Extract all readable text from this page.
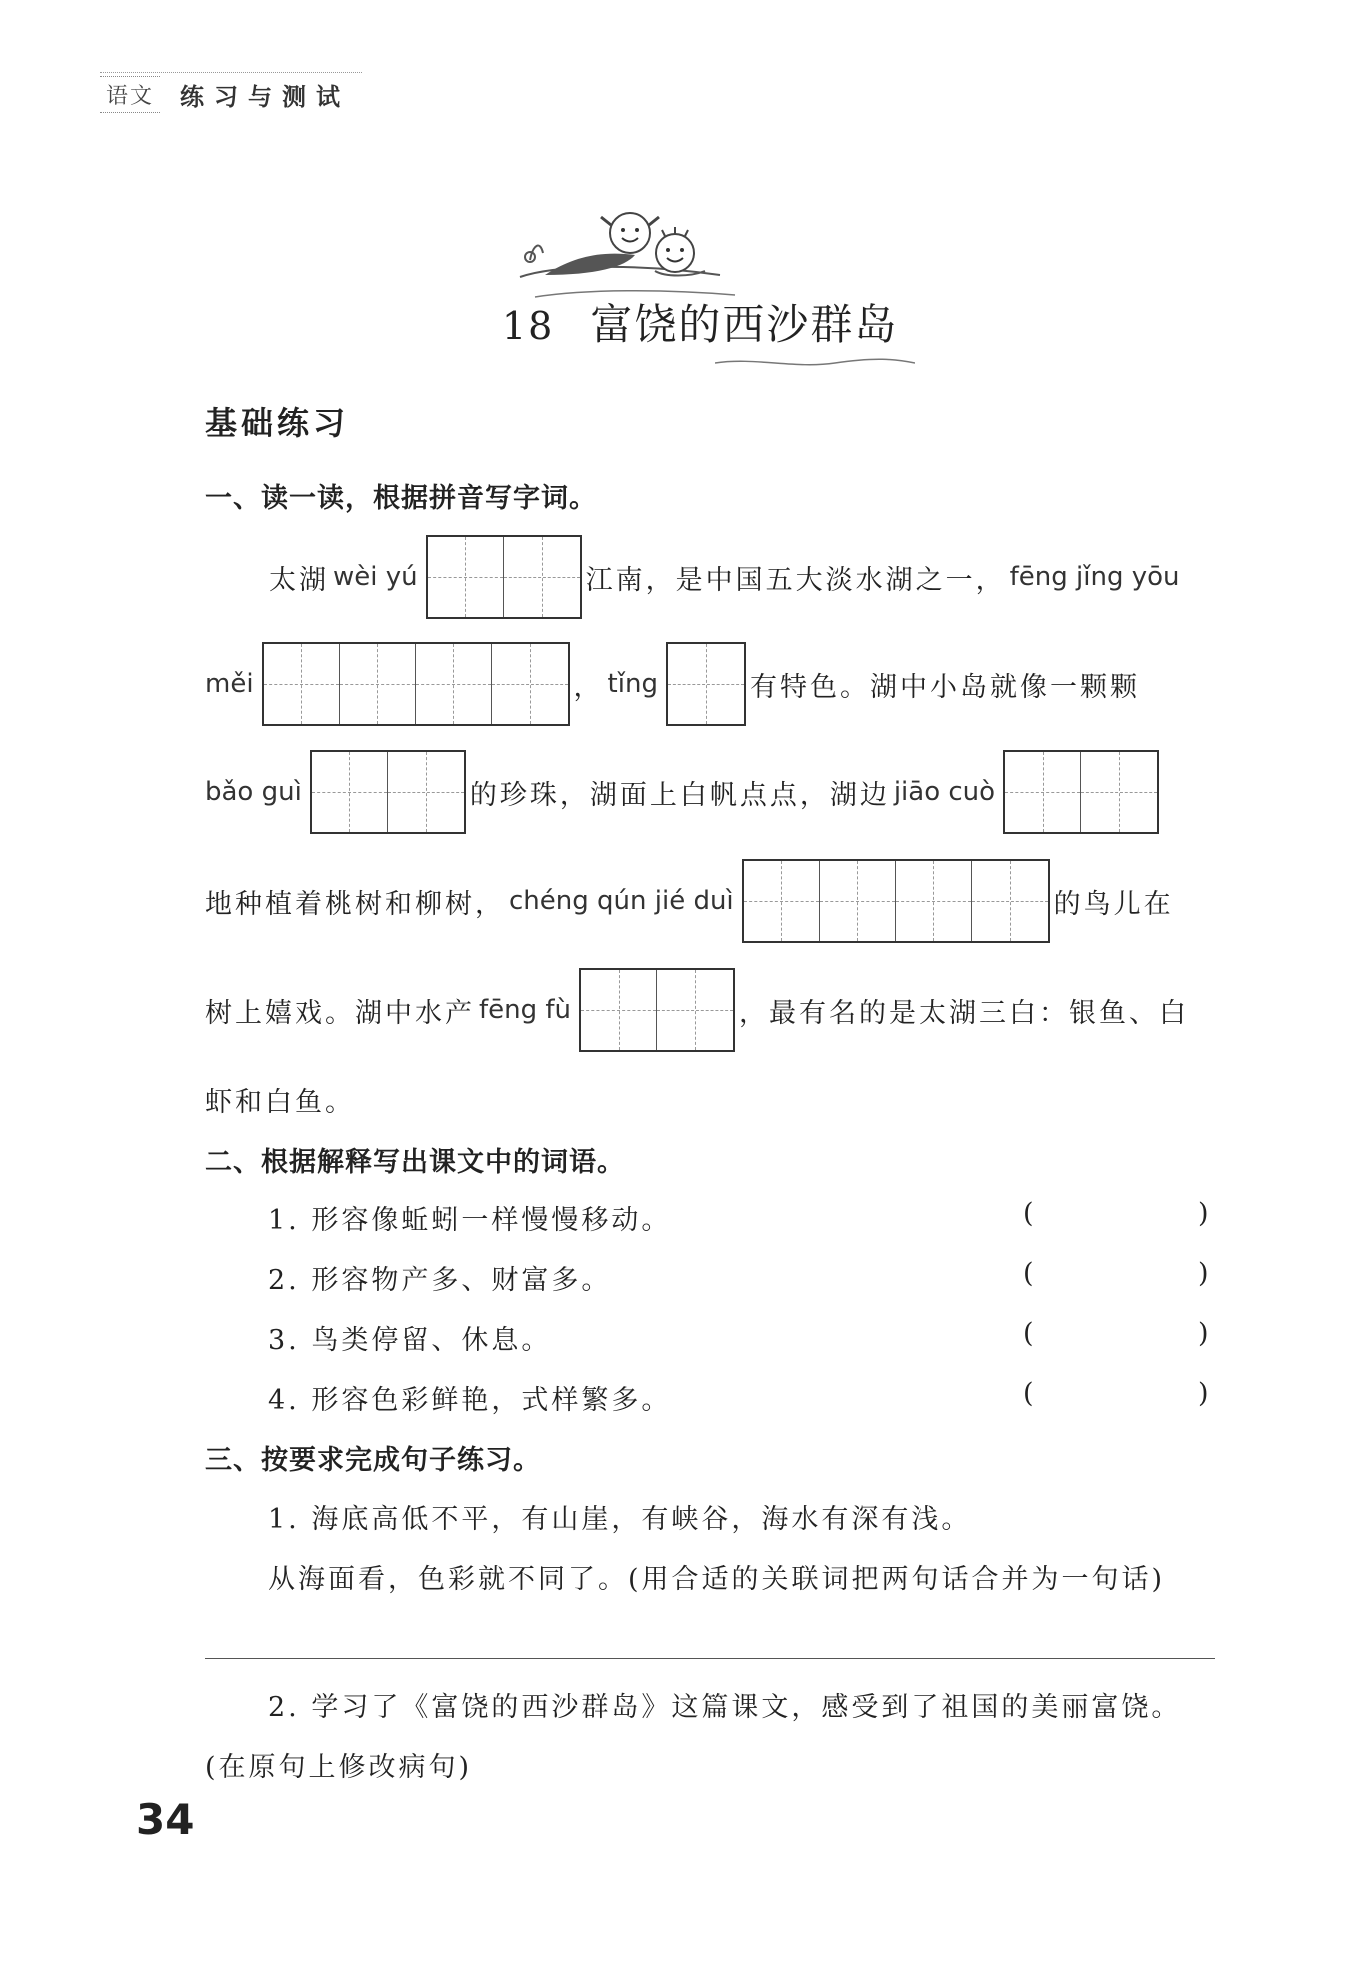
语文 练习与测试
18 富饶的西沙群岛
基础练习
一、读一读，根据拼音写字词。
太湖 wèi yú	江南，是中国五大淡水湖之一， fēng jǐng yōu
měi	， tǐng	有特色。湖中小岛就像一颗颗
bǎo guì	的珍珠，湖面上白帆点点，湖边 jiāo cuò
地种植着桃树和柳树， chéng qún jié duì	的鸟儿在
树上嬉戏。湖中水产 fēng fù	，最有名的是太湖三白：银鱼、白
虾和白鱼。
二、根据解释写出课文中的词语。
1. 形容像蚯蚓一样慢慢移动。	(	)
2. 形容物产多、财富多。	(	)
3. 鸟类停留、休息。	(	)
4. 形容色彩鲜艳，式样繁多。	(	)
三、按要求完成句子练习。
1. 海底高低不平，有山崖，有峡谷，海水有深有浅。
从海面看，色彩就不同了。(用合适的关联词把两句话合并为一句话)
2. 学习了《富饶的西沙群岛》这篇课文，感受到了祖国的美丽富饶。
(在原句上修改病句)
34
